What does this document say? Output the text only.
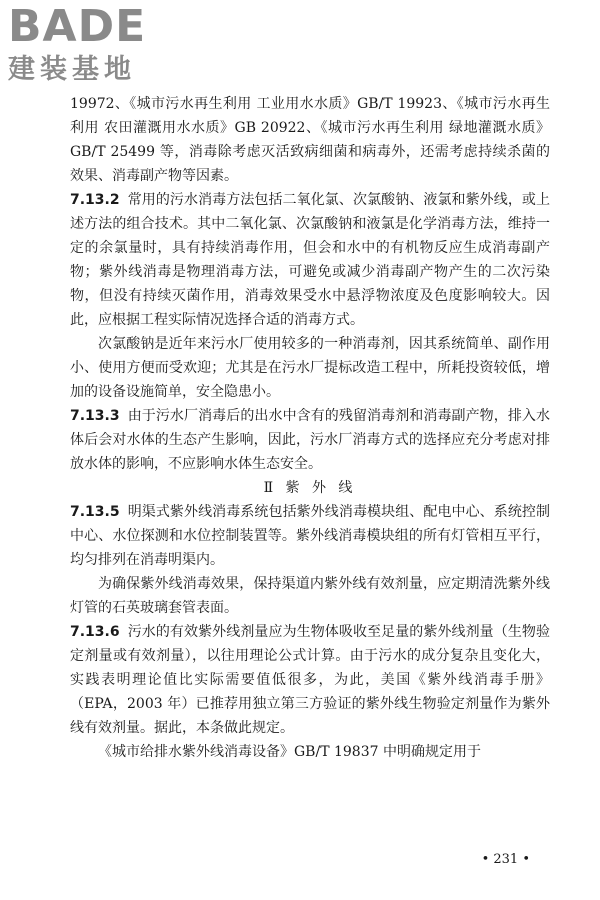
BADE
建装基地

19972、《城市污水再生利用 工业用水水质》GB/T 19923、《城市污水再生利用 农田灌溉用水水质》GB 20922、《城市污水再生利用 绿地灌溉水质》GB/T 25499 等，消毒除考虑灭活致病细菌和病毒外，还需考虑持续杀菌的效果、消毒副产物等因素。

7.13.2 常用的污水消毒方法包括二氧化氯、次氯酸钠、液氯和紫外线，或上述方法的组合技术。其中二氧化氯、次氯酸钠和液氯是化学消毒方法，维持一定的余氯量时，具有持续消毒作用，但会和水中的有机物反应生成消毒副产物；紫外线消毒是物理消毒方法，可避免或减少消毒副产物产生的二次污染物，但没有持续灭菌作用，消毒效果受水中悬浮物浓度及色度影响较大。因此，应根据工程实际情况选择合适的消毒方式。

次氯酸钠是近年来污水厂使用较多的一种消毒剂，因其系统简单、副作用小、使用方便而受欢迎；尤其是在污水厂提标改造工程中，所耗投资较低，增加的设备设施简单，安全隐患小。

7.13.3 由于污水厂消毒后的出水中含有的残留消毒剂和消毒副产物，排入水体后会对水体的生态产生影响，因此，污水厂消毒方式的选择应充分考虑对排放水体的影响，不应影响水体生态安全。

Ⅱ 紫 外 线

7.13.5 明渠式紫外线消毒系统包括紫外线消毒模块组、配电中心、系统控制中心、水位探测和水位控制装置等。紫外线消毒模块组的所有灯管相互平行，均匀排列在消毒明渠内。

为确保紫外线消毒效果，保持渠道内紫外线有效剂量，应定期清洗紫外线灯管的石英玻璃套管表面。

7.13.6 污水的有效紫外线剂量应为生物体吸收至足量的紫外线剂量（生物验定剂量或有效剂量），以往用理论公式计算。由于污水的成分复杂且变化大，实践表明理论值比实际需要值低很多，为此，美国《紫外线消毒手册》（EPA，2003 年）已推荐用独立第三方验证的紫外线生物验定剂量作为紫外线有效剂量。据此，本条做此规定。

《城市给排水紫外线消毒设备》GB/T 19837 中明确规定用于

• 231 •
